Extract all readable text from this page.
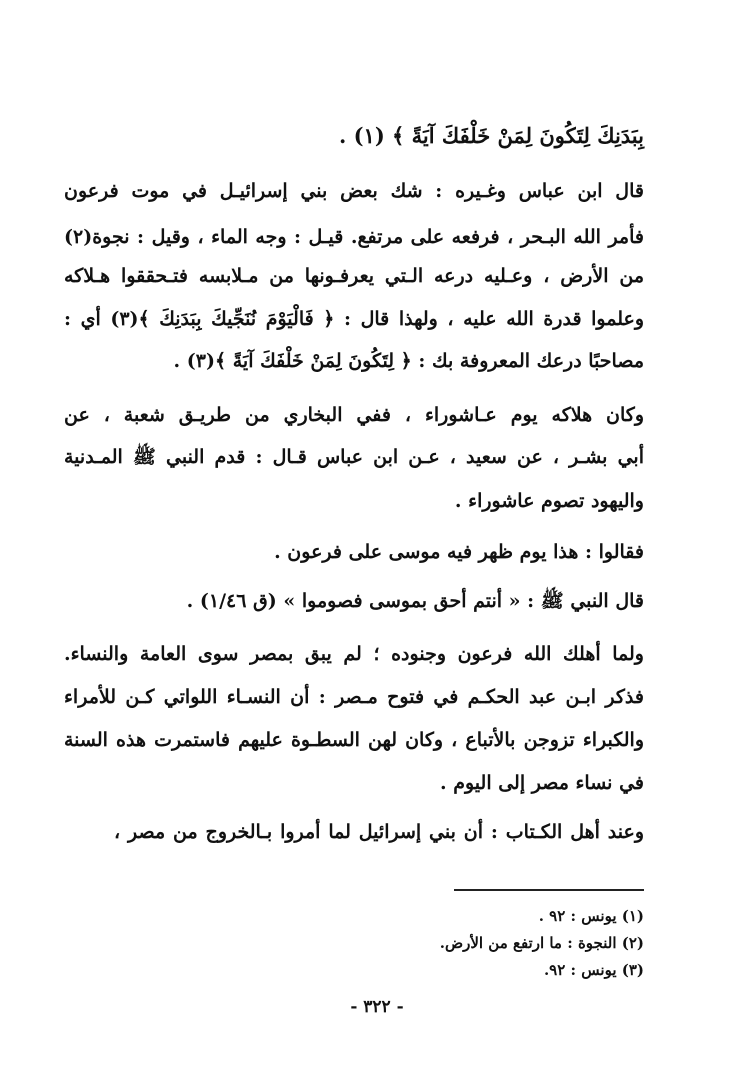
بِبَدَنِكَ لِتَكُونَ لِمَنْ خَلْفَكَ آيَةً ﴾ (١) .
قال ابن عباس وغـيره : شك بعض بني إسرائيـل في موت فرعون
فأمر الله البـحر ، فرفعه على مرتفع. قيـل : وجه الماء ، وقيل : نجوة(٢)
من الأرض ، وعـليه درعه الـتي يعرفـونها من مـلابسه فتـحققوا هـلاكه
وعلموا قدرة الله عليه ، ولهذا قال : ﴿ فَالْيَوْمَ نُنَجِّيكَ بِبَدَنِكَ ﴾(٣) أي :
مصاحبًا درعك المعروفة بك : ﴿ لِتَكُونَ لِمَنْ خَلْفَكَ آيَةً ﴾(٣) .
وكان هلاكه يوم عـاشوراء ، ففي البخاري من طريـق شعبة ، عن
أبي بشـر ، عن سعيد ، عـن ابن عباس قـال : قدم النبي ﷺ المـدنية
واليهود تصوم عاشوراء .
فقالوا : هذا يوم ظهر فيه موسى على فرعون .
قال النبي ﷺ : « أنتم أحق بموسى فصوموا » (ق ١/٤٦) .
ولما أهلك الله فرعون وجنوده ؛ لم يبق بمصر سوى العامة والنساء.
فذكر ابـن عبد الحكـم في فتوح مـصر : أن النسـاء اللواتي كـن للأمراء
والكبراء تزوجن بالأتباع ، وكان لهن السطـوة عليهم فاستمرت هذه السنة
في نساء مصر إلى اليوم .
وعند أهل الكـتاب : أن بني إسرائيل لما أمروا بـالخروج من مصر ،
(١) يونس : ٩٢ .
(٢) النجوة : ما ارتفع من الأرض.
(٣) يونس : ٩٢.
- ٣٢٢ -
